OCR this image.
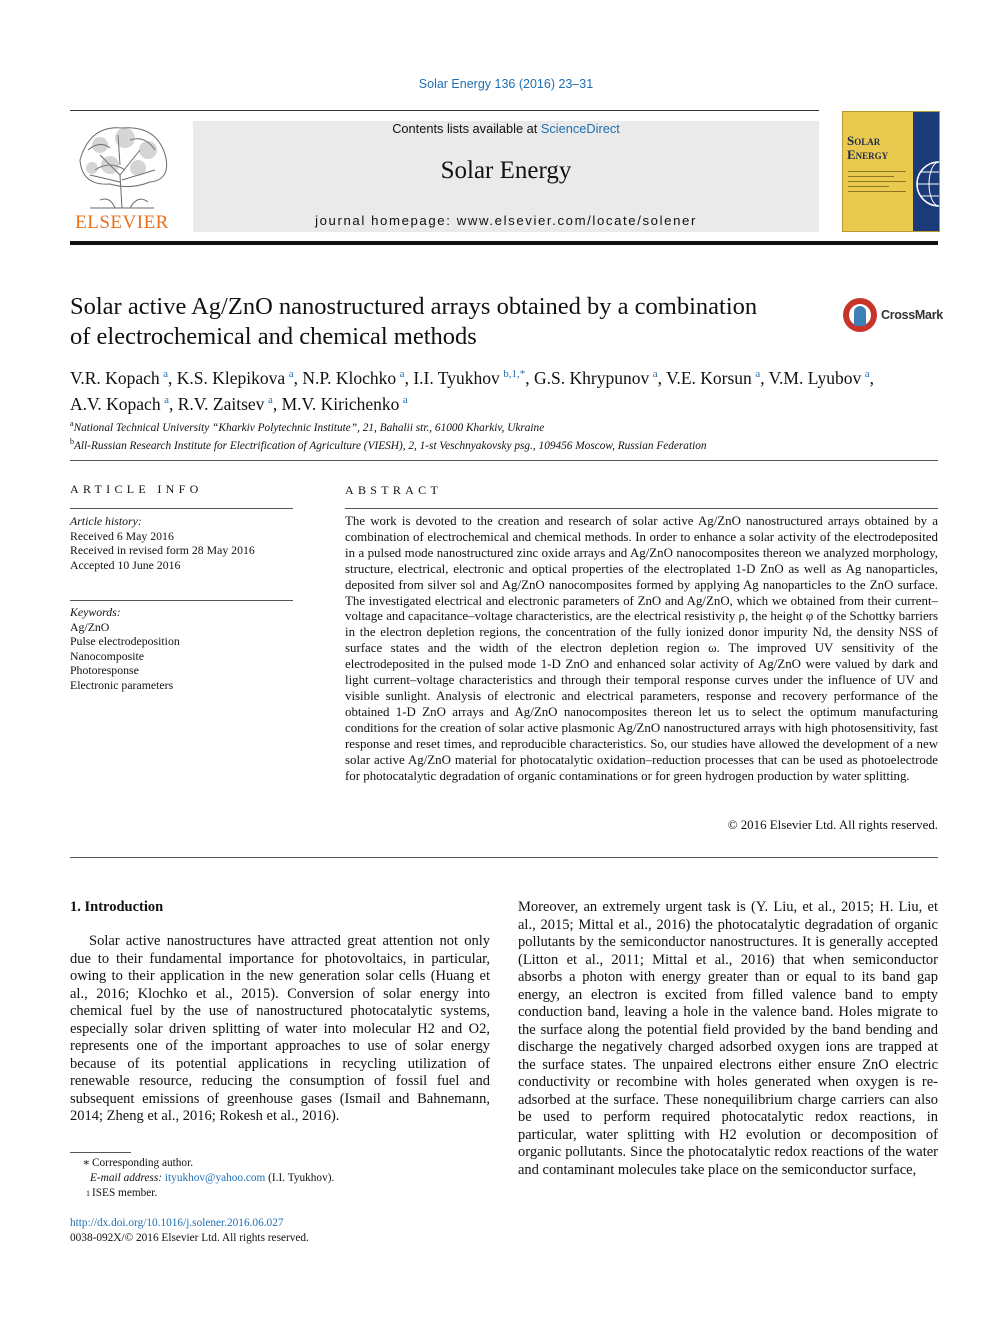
Solar Energy 136 (2016) 23–31
ELSEVIER
Contents lists available at ScienceDirect
Solar Energy
journal homepage: www.elsevier.com/locate/solener
Solar
Energy
Solar active Ag/ZnO nanostructured arrays obtained by a combination
of electrochemical and chemical methods
CrossMark
V.R. Kopach  $^a$, K.S. Klepikova  $^a$, N.P. Klochko  $^a$, I.I. Tyukhov  $^{b,1,*}$, G.S. Khrypunov  $^a$, V.E. Korsun  $^a$, V.M. Lyubov  $^a$,
A.V. Kopach  $^a$, R.V. Zaitsev  $^a$, M.V. Kirichenko  $^a$
$^a$National Technical University “Kharkiv Polytechnic Institute”, 21, Bahalii str., 61000 Kharkiv, Ukraine
$^b$All-Russian Research Institute for Electrification of Agriculture (VIESH), 2, 1-st Veschnyakovsky psg., 109456 Moscow, Russian Federation
ARTICLE INFO
Article history:
Received 6 May 2016
Received in revised form 28 May 2016
Accepted 10 June 2016
Keywords:
Ag/ZnO
Pulse electrodeposition
Nanocomposite
Photoresponse
Electronic parameters
ABSTRACT
The work is devoted to the creation and research of solar active Ag/ZnO nanostructured arrays obtained by a combination of electrochemical and chemical methods. In order to enhance a solar activity of the electrodeposited in a pulsed mode nanostructured zinc oxide arrays and Ag/ZnO nanocomposites thereon we analyzed morphology, structure, electrical, electronic and optical properties of the electroplated 1-D ZnO as well as Ag nanoparticles, deposited from silver sol and Ag/ZnO nanocomposites formed by applying Ag nanoparticles to the ZnO surface. The investigated electrical and electronic parameters of ZnO and Ag/ZnO, which we obtained from their current–voltage and capacitance–voltage characteristics, are the electrical resistivity ρ, the height φ of the Schottky barriers in the electron depletion regions, the concentration of the fully ionized donor impurity Nd, the density NSS of surface states and the width of the electron depletion region ω. The improved UV sensitivity of the electrodeposited in the pulsed mode 1-D ZnO and enhanced solar activity of Ag/ZnO were valued by dark and light current–voltage characteristics and through their temporal response curves under the influence of UV and visible sunlight. Analysis of electronic and electrical parameters, response and recovery performance of the obtained 1-D ZnO arrays and Ag/ZnO nanocomposites thereon let us to select the optimum manufacturing conditions for the creation of solar active plasmonic Ag/ZnO nanostructured arrays with high photosensitivity, fast response and reset times, and reproducible characteristics. So, our studies have allowed the development of a new solar active Ag/ZnO material for photocatalytic oxidation–reduction processes that can be used as photoelectrode for photocatalytic degradation of organic contaminations or for green hydrogen production by water splitting.
© 2016 Elsevier Ltd. All rights reserved.
1. Introduction

Solar active nanostructures have attracted great attention not only due to their fundamental importance for photovoltaics, in particular, owing to their application in the new generation solar cells (Huang et al., 2016; Klochko et al., 2015). Conversion of solar energy into chemical fuel by the use of nanostructured photocatalytic systems, especially solar driven splitting of water into molecular H2 and O2, represents one of the important approaches to use of solar energy because of its potential applications in recycling utilization of renewable resource, reducing the consumption of fossil fuel and subsequent emissions of greenhouse gases (Ismail and Bahnemann, 2014; Zheng et al., 2016; Rokesh et al., 2016).

Moreover, an extremely urgent task is (Y. Liu, et al., 2015; H. Liu, et al., 2015; Mittal et al., 2016) the photocatalytic degradation of organic pollutants by the semiconductor nanostructures. It is generally accepted (Litton et al., 2011; Mittal et al., 2016) that when semiconductor absorbs a photon with energy greater than or equal to its band gap energy, an electron is excited from filled valence band to empty conduction band, leaving a hole in the valence band. Holes migrate to the surface along the potential field provided by the band bending and discharge the negatively charged adsorbed oxygen ions are trapped at the surface states. The unpaired electrons either ensure ZnO electric conductivity or recombine with holes generated when oxygen is re-adsorbed at the surface. These nonequilibrium charge carriers can also be used to perform required photocatalytic redox reactions, in particular, water splitting with H2 evolution or decomposition of organic pollutants. Since the photocatalytic redox reactions of the water and contaminant molecules take place on the semiconductor surface,

∗ Corresponding author.
E-mail address: ityukhov@yahoo.com (I.I. Tyukhov).
1 ISES member.
http://dx.doi.org/10.1016/j.solener.2016.06.027
0038-092X/© 2016 Elsevier Ltd. All rights reserved.
